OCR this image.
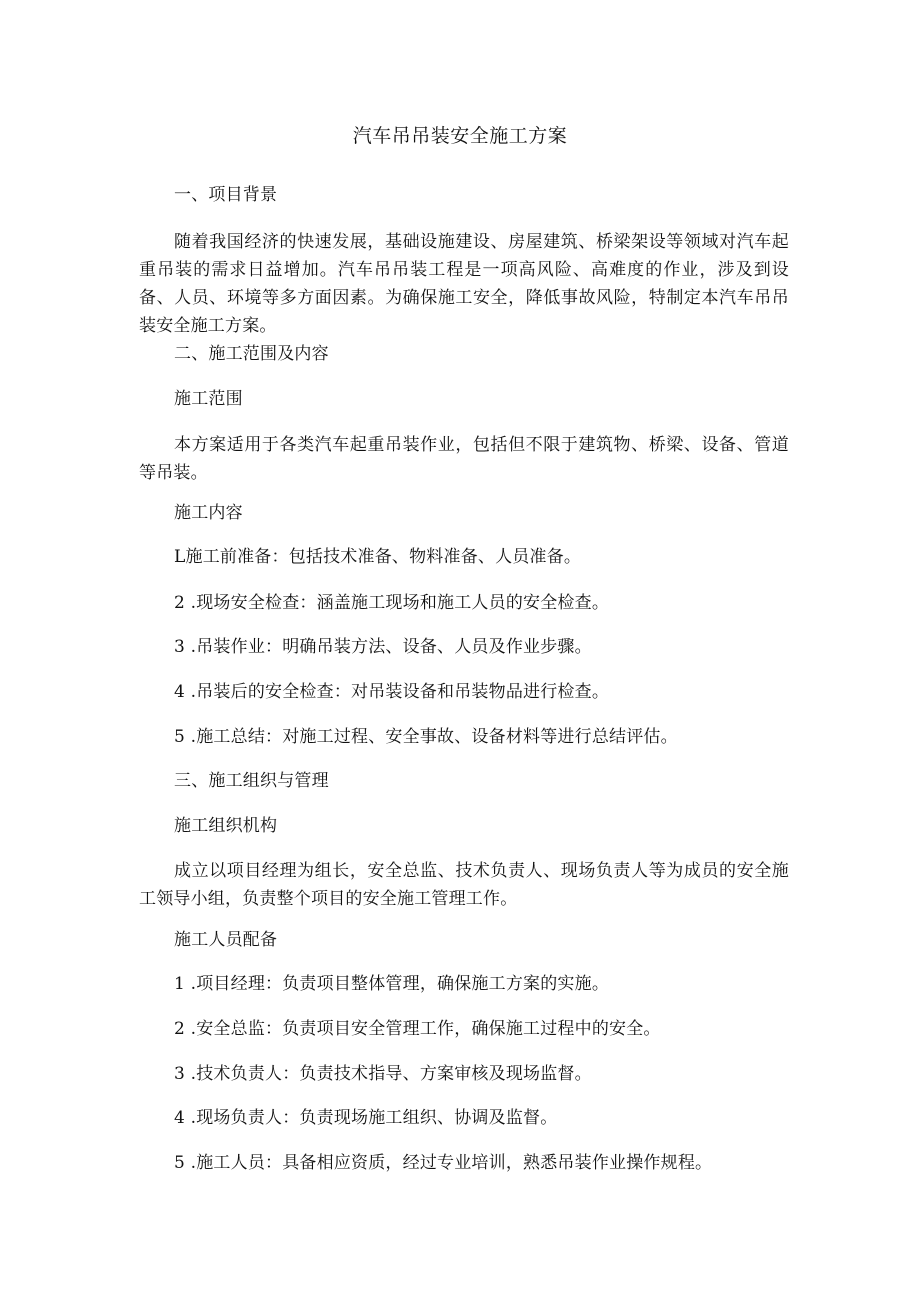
汽车吊吊装安全施工方案

一、项目背景

随着我国经济的快速发展，基础设施建设、房屋建筑、桥梁架设等领域对汽车起重吊装的需求日益增加。汽车吊吊装工程是一项高风险、高难度的作业，涉及到设备、人员、环境等多方面因素。为确保施工安全，降低事故风险，特制定本汽车吊吊装安全施工方案。

二、施工范围及内容

施工范围

本方案适用于各类汽车起重吊装作业，包括但不限于建筑物、桥梁、设备、管道等吊装。

施工内容

L施工前准备：包括技术准备、物料准备、人员准备。

2 .现场安全检查：涵盖施工现场和施工人员的安全检查。

3 .吊装作业：明确吊装方法、设备、人员及作业步骤。

4 .吊装后的安全检查：对吊装设备和吊装物品进行检查。

5 .施工总结：对施工过程、安全事故、设备材料等进行总结评估。

三、施工组织与管理

施工组织机构

成立以项目经理为组长，安全总监、技术负责人、现场负责人等为成员的安全施工领导小组，负责整个项目的安全施工管理工作。

施工人员配备

1 .项目经理：负责项目整体管理，确保施工方案的实施。

2 .安全总监：负责项目安全管理工作，确保施工过程中的安全。

3 .技术负责人：负责技术指导、方案审核及现场监督。

4 .现场负责人：负责现场施工组织、协调及监督。

5 .施工人员：具备相应资质，经过专业培训，熟悉吊装作业操作规程。
